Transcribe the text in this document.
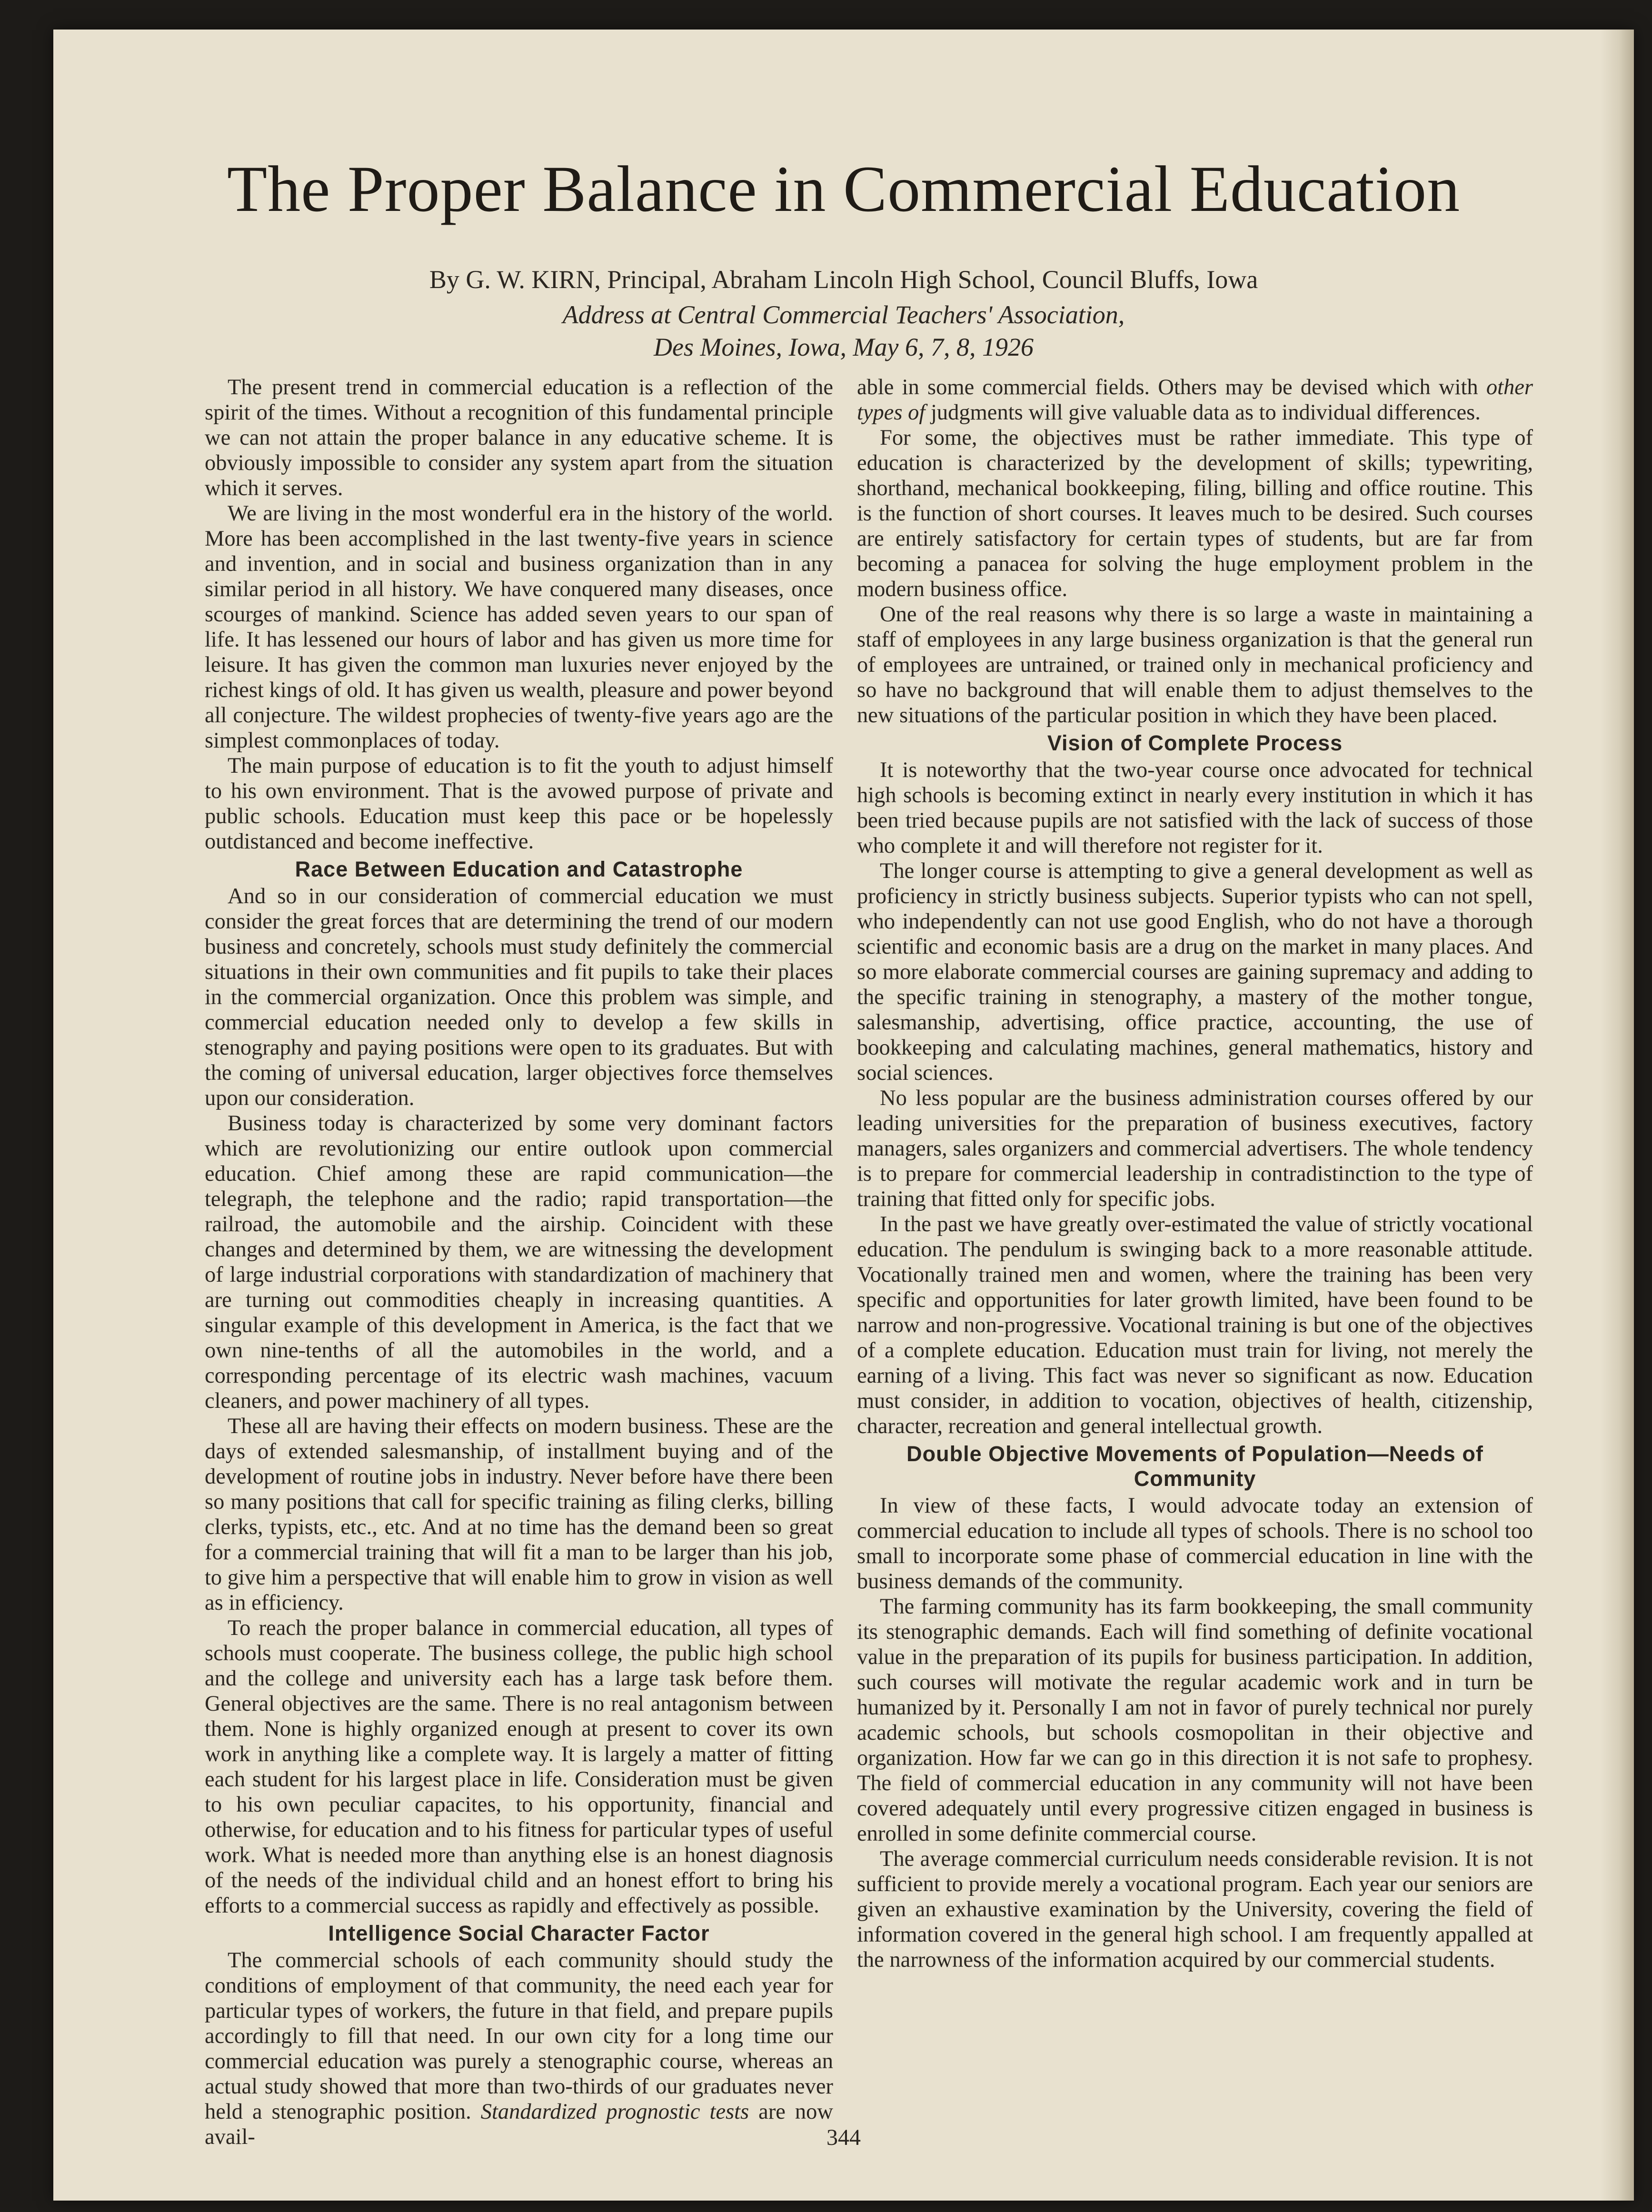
The Proper Balance in Commercial Education
By G. W. KIRN, Principal, Abraham Lincoln High School, Council Bluffs, Iowa
Address at Central Commercial Teachers' Association,
Des Moines, Iowa, May 6, 7, 8, 1926

The present trend in commercial education is a reflection of the spirit of the times. Without a recognition of this fundamental principle we can not attain the proper balance in any educative scheme. It is obviously impossible to consider any system apart from the situation which it serves.

We are living in the most wonderful era in the history of the world. More has been accomplished in the last twenty-five years in science and invention, and in social and business organization than in any similar period in all history. We have conquered many diseases, once scourges of mankind. Science has added seven years to our span of life. It has lessened our hours of labor and has given us more time for leisure. It has given the common man luxuries never enjoyed by the richest kings of old. It has given us wealth, pleasure and power beyond all conjecture. The wildest prophecies of twenty-five years ago are the simplest commonplaces of today.

The main purpose of education is to fit the youth to adjust himself to his own environment. That is the avowed purpose of private and public schools. Education must keep this pace or be hopelessly outdistanced and become ineffective.

Race Between Education and Catastrophe

And so in our consideration of commercial education we must consider the great forces that are determining the trend of our modern business and concretely, schools must study definitely the commercial situations in their own communities and fit pupils to take their places in the commercial organization. Once this problem was simple, and commercial education needed only to develop a few skills in stenography and paying positions were open to its graduates. But with the coming of universal education, larger objectives force themselves upon our consideration.

Business today is characterized by some very dominant factors which are revolutionizing our entire outlook upon commercial education. Chief among these are rapid communication—the telegraph, the telephone and the radio; rapid transportation—the railroad, the automobile and the airship. Coincident with these changes and determined by them, we are witnessing the development of large industrial corporations with standardization of machinery that are turning out commodities cheaply in increasing quantities. A singular example of this development in America, is the fact that we own nine-tenths of all the automobiles in the world, and a corresponding percentage of its electric wash machines, vacuum cleaners, and power machinery of all types.

These all are having their effects on modern business. These are the days of extended salesmanship, of installment buying and of the development of routine jobs in industry. Never before have there been so many positions that call for specific training as filing clerks, billing clerks, typists, etc., etc. And at no time has the demand been so great for a commercial training that will fit a man to be larger than his job, to give him a perspective that will enable him to grow in vision as well as in efficiency.

To reach the proper balance in commercial education, all types of schools must cooperate. The business college, the public high school and the college and university each has a large task before them. General objectives are the same. There is no real antagonism between them. None is highly organized enough at present to cover its own work in anything like a complete way. It is largely a matter of fitting each student for his largest place in life. Consideration must be given to his own peculiar capacites, to his opportunity, financial and otherwise, for education and to his fitness for particular types of useful work. What is needed more than anything else is an honest diagnosis of the needs of the individual child and an honest effort to bring his efforts to a commercial success as rapidly and effectively as possible.

Intelligence Social Character Factor

The commercial schools of each community should study the conditions of employment of that community, the need each year for particular types of workers, the future in that field, and prepare pupils accordingly to fill that need. In our own city for a long time our commercial education was purely a stenographic course, whereas an actual study showed that more than two-thirds of our graduates never held a stenographic position. Standardized prognostic tests are now avail-

able in some commercial fields. Others may be devised which with other types of judgments will give valuable data as to individual differences.

For some, the objectives must be rather immediate. This type of education is characterized by the development of skills; typewriting, shorthand, mechanical bookkeeping, filing, billing and office routine. This is the function of short courses. It leaves much to be desired. Such courses are entirely satisfactory for certain types of students, but are far from becoming a panacea for solving the huge employment problem in the modern business office.

One of the real reasons why there is so large a waste in maintaining a staff of employees in any large business organization is that the general run of employees are untrained, or trained only in mechanical proficiency and so have no background that will enable them to adjust themselves to the new situations of the particular position in which they have been placed.

Vision of Complete Process

It is noteworthy that the two-year course once advocated for technical high schools is becoming extinct in nearly every institution in which it has been tried because pupils are not satisfied with the lack of success of those who complete it and will therefore not register for it.

The longer course is attempting to give a general development as well as proficiency in strictly business subjects. Superior typists who can not spell, who independently can not use good English, who do not have a thorough scientific and economic basis are a drug on the market in many places. And so more elaborate commercial courses are gaining supremacy and adding to the specific training in stenography, a mastery of the mother tongue, salesmanship, advertising, office practice, accounting, the use of bookkeeping and calculating machines, general mathematics, history and social sciences.

No less popular are the business administration courses offered by our leading universities for the preparation of business executives, factory managers, sales organizers and commercial advertisers. The whole tendency is to prepare for commercial leadership in contradistinction to the type of training that fitted only for specific jobs.

In the past we have greatly over-estimated the value of strictly vocational education. The pendulum is swinging back to a more reasonable attitude. Vocationally trained men and women, where the training has been very specific and opportunities for later growth limited, have been found to be narrow and non-progressive. Vocational training is but one of the objectives of a complete education. Education must train for living, not merely the earning of a living. This fact was never so significant as now. Education must consider, in addition to vocation, objectives of health, citizenship, character, recreation and general intellectual growth.

Double Objective Movements of Population—Needs of Community

In view of these facts, I would advocate today an extension of commercial education to include all types of schools. There is no school too small to incorporate some phase of commercial education in line with the business demands of the community.

The farming community has its farm bookkeeping, the small community its stenographic demands. Each will find something of definite vocational value in the preparation of its pupils for business participation. In addition, such courses will motivate the regular academic work and in turn be humanized by it. Personally I am not in favor of purely technical nor purely academic schools, but schools cosmopolitan in their objective and organization. How far we can go in this direction it is not safe to prophesy. The field of commercial education in any community will not have been covered adequately until every progressive citizen engaged in business is enrolled in some definite commercial course.

The average commercial curriculum needs considerable revision. It is not sufficient to provide merely a vocational program. Each year our seniors are given an exhaustive examination by the University, covering the field of information covered in the general high school. I am frequently appalled at the narrowness of the information acquired by our commercial students.

344
